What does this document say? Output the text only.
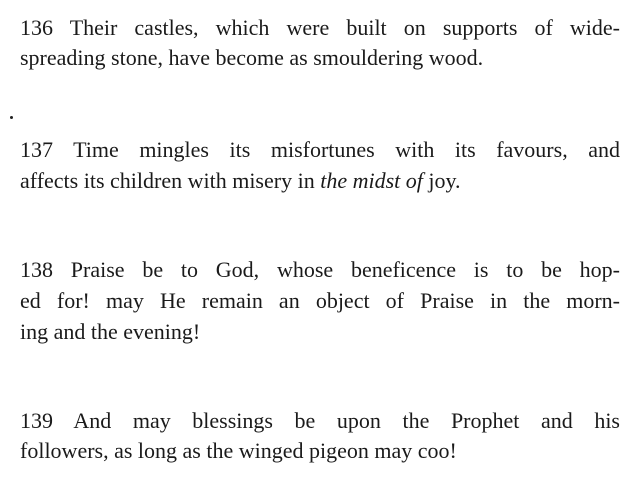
136 Their castles, which were built on supports of wide-
spreading stone, have become as smouldering wood.
137 Time mingles its misfortunes with its favours, and
affects its children with misery in the midst of joy.
138 Praise be to God, whose beneficence is to be hop-
ed for! may He remain an object of Praise in the morn-
ing and the evening!
139 And may blessings be upon the Prophet and his
followers, as long as the winged pigeon may coo!
